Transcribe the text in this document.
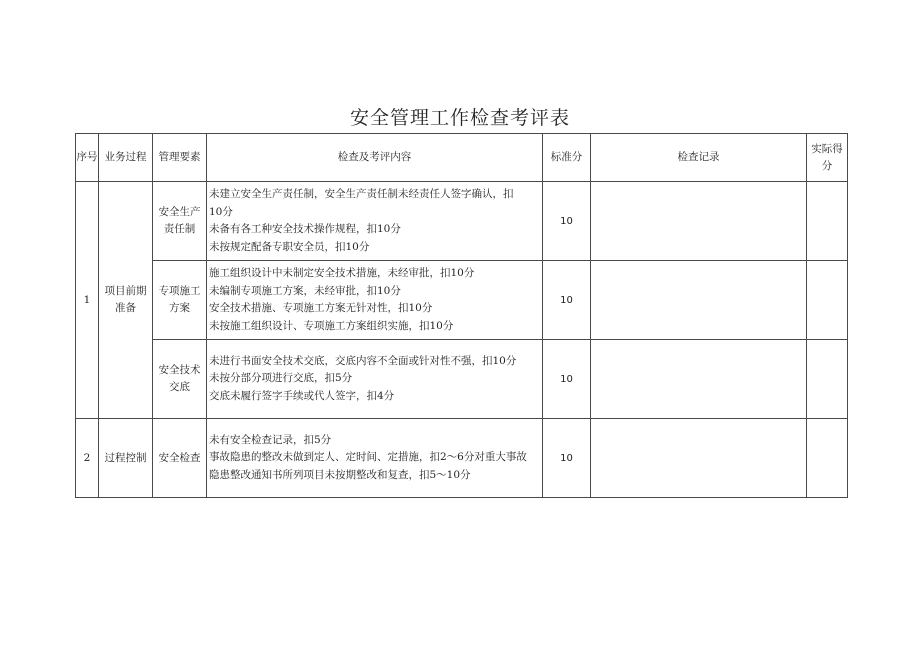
安全管理工作检查考评表
序号	业务过程	管理要素	检查及考评内容	标准分	检查记录	实际得分
1	项目前期准备	安全生产责任制	未建立安全生产责任制，安全生产责任制未经责任人签字确认，扣
10分
未备有各工种安全技术操作规程，扣10分
未按规定配备专职安全员，扣10分	10		
		专项施工方案	施工组织设计中未制定安全技术措施，未经审批，扣10分
未编制专项施工方案，未经审批，扣10分
安全技术措施、专项施工方案无针对性，扣10分
未按施工组织设计、专项施工方案组织实施，扣10分	10		
		安全技术交底	未进行书面安全技术交底，交底内容不全面或针对性不强，扣10分
未按分部分项进行交底，扣5分
交底未履行签字手续或代人签字，扣4分	10		
2	过程控制	安全检查	未有安全检查记录，扣5分
事故隐患的整改未做到定人、定时间、定措施，扣2～6分对重大事故
隐患整改通知书所列项目未按期整改和复查，扣5～10分	10		
